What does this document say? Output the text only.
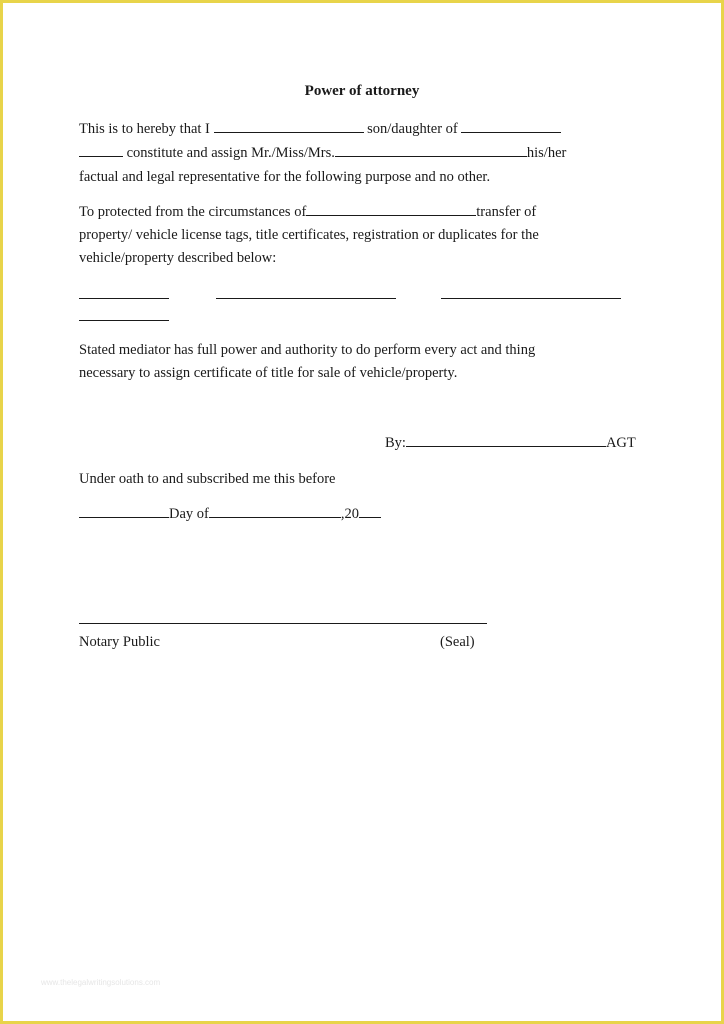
Power of attorney
This is to hereby that I	son/daughter of
constitute and assign Mr./Miss/Mrs.	his/her
factual and legal representative for the following purpose and no other.
To protected from the circumstances of	transfer of
property/ vehicle license tags, title certificates, registration or duplicates for the
vehicle/property described below:
Stated mediator has full power and authority to do perform every act and thing
necessary to assign certificate of title for sale of vehicle/property.
By:	AGT
Under oath to and subscribed me this before
Day of	,20
Notary Public	(Seal)
www.thelegalwritingsolutions.com
